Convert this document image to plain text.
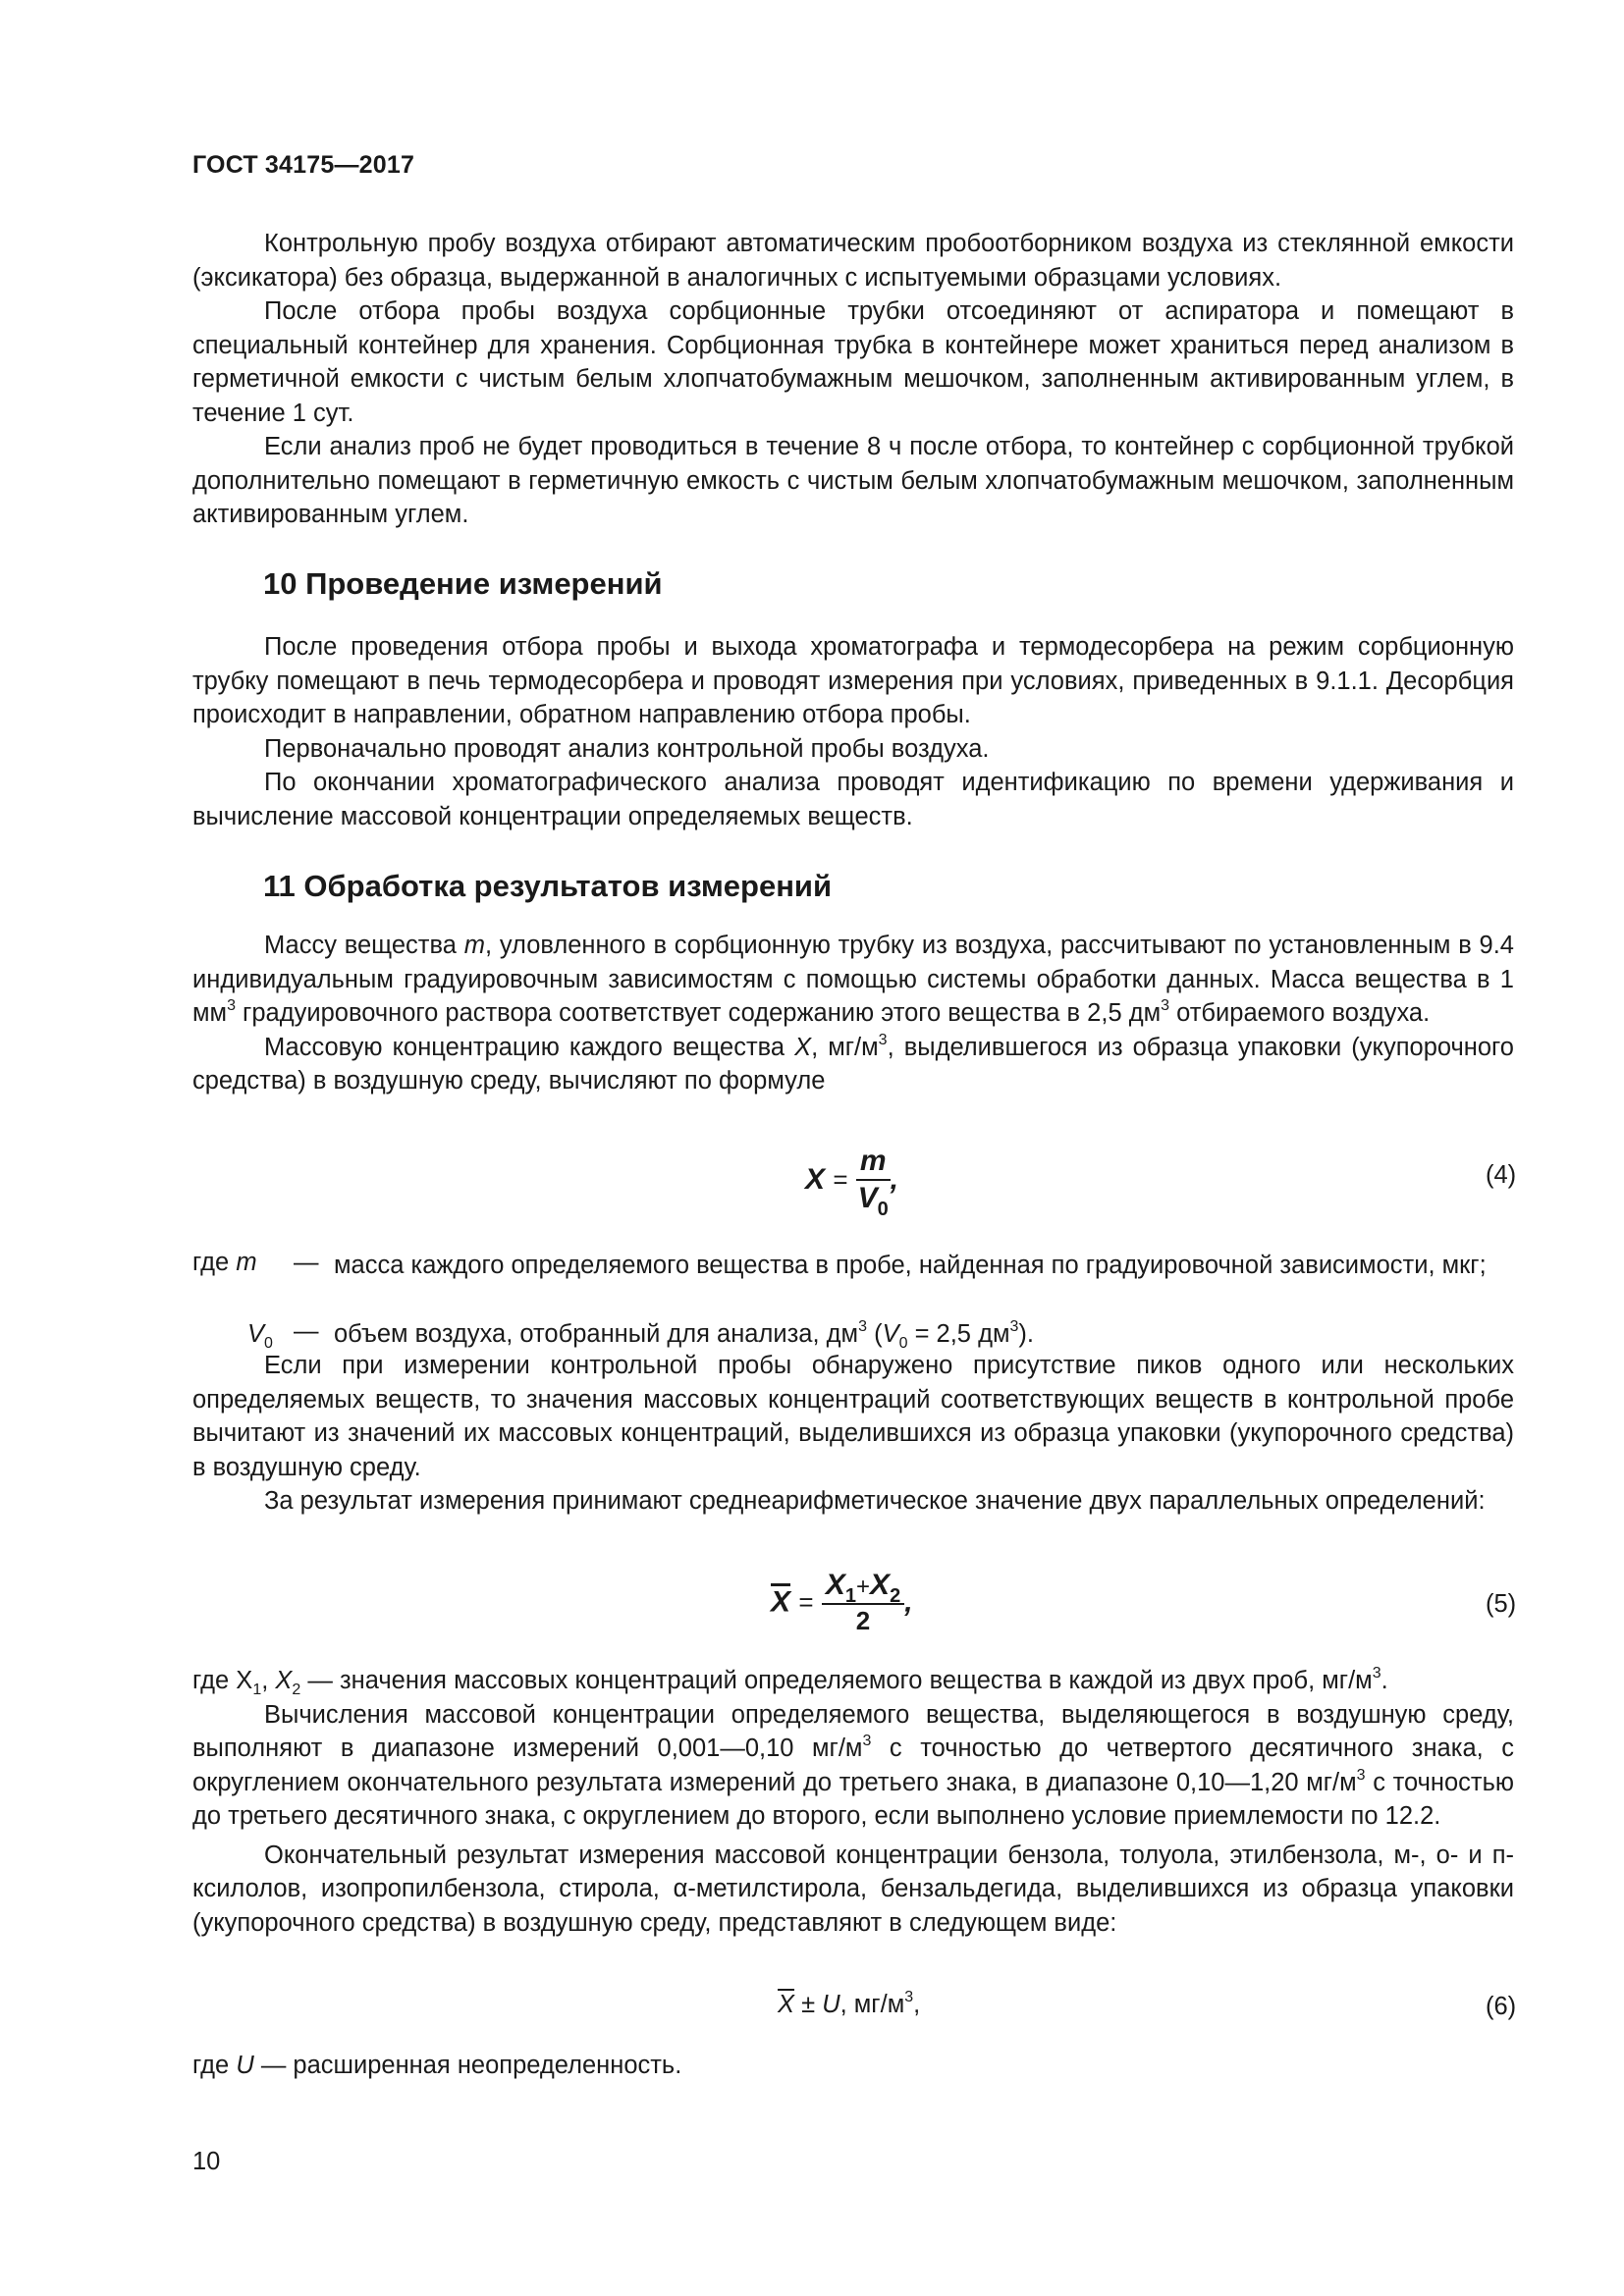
ГОСТ 34175—2017

Контрольную пробу воздуха отбирают автоматическим пробоотборником воздуха из стеклянной емкости (эксикатора) без образца, выдержанной в аналогичных с испытуемыми образцами условиях.

После отбора пробы воздуха сорбционные трубки отсоединяют от аспиратора и помещают в специальный контейнер для хранения. Сорбционная трубка в контейнере может храниться перед анализом в герметичной емкости с чистым белым хлопчатобумажным мешочком, заполненным активированным углем, в течение 1 сут.

Если анализ проб не будет проводиться в течение 8 ч после отбора, то контейнер с сорбционной трубкой дополнительно помещают в герметичную емкость с чистым белым хлопчатобумажным мешочком, заполненным активированным углем.

10 Проведение измерений

После проведения отбора пробы и выхода хроматографа и термодесорбера на режим сорбционную трубку помещают в печь термодесорбера и проводят измерения при условиях, приведенных в 9.1.1. Десорбция происходит в направлении, обратном направлению отбора пробы.

Первоначально проводят анализ контрольной пробы воздуха.

По окончании хроматографического анализа проводят идентификацию по времени удерживания и вычисление массовой концентрации определяемых веществ.

11 Обработка результатов измерений

Массу вещества m, уловленного в сорбционную трубку из воздуха, рассчитывают по установленным в 9.4 индивидуальным градуировочным зависимостям с помощью системы обработки данных. Масса вещества в 1 $мм^3$ градуировочного раствора соответствует содержанию этого вещества в 2,5 $дм^3$ отбираемого воздуха.

Массовую концентрацию каждого вещества X, $мг/м^3$, выделившегося из образца упаковки (укупорочного средства) в воздушную среду, вычисляют по формуле

$X = \frac{m}{V_0}$ ,	(4)
где m — масса каждого определяемого вещества в пробе, найденная по градуировочной зависимости, мкг;
$V_0$ — объем воздуха, отобранный для анализа, $дм^3$ ($V_0 = 2,5$ $дм^3$).

Если при измерении контрольной пробы обнаружено присутствие пиков одного или нескольких определяемых веществ, то значения массовых концентраций соответствующих веществ в контрольной пробе вычитают из значений их массовых концентраций, выделившихся из образца упаковки (укупорочного средства) в воздушную среду.

За результат измерения принимают среднеарифметическое значение двух параллельных определений:

$\overline{X} = \frac{X_1+X_2}{2}$ ,	(5)

где $X_1$, $X_2$ — значения массовых концентраций определяемого вещества в каждой из двух проб, $мг/м^3$.

Вычисления массовой концентрации определяемого вещества, выделяющегося в воздушную среду, выполняют в диапазоне измерений 0,001—0,10 $мг/м^3$ с точностью до четвертого десятичного знака, с округлением окончательного результата измерений до третьего знака, в диапазоне 0,10—1,20 $мг/м^3$ с точностью до третьего десятичного знака, с округлением до второго, если выполнено условие приемлемости по 12.2.

Окончательный результат измерения массовой концентрации бензола, толуола, этилбензола, м-, о- и п-ксилолов, изопропилбензола, стирола, α-метилстирола, бензальдегида, выделившихся из образца упаковки (укупорочного средства) в воздушную среду, представляют в следующем виде:

$\overline{X} \pm U$, $мг/м^3$,	(6)
где U — расширенная неопределенность.
10
